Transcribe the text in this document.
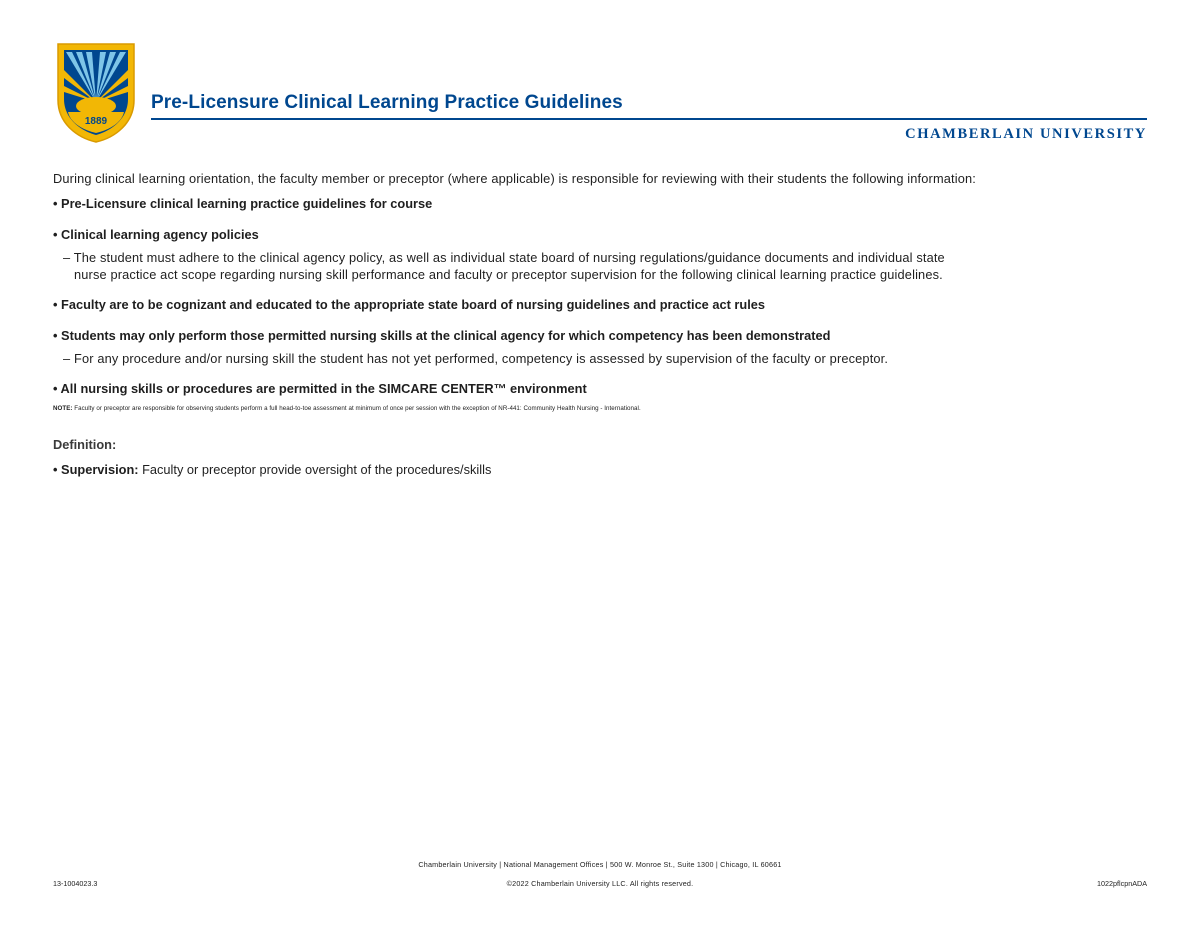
1889
Pre-Licensure Clinical Learning Practice Guidelines
CHAMBERLAIN UNIVERSITY

During clinical learning orientation, the faculty member or preceptor (where applicable) is responsible for reviewing with their students the following information:

• Pre-Licensure clinical learning practice guidelines for course

• Clinical learning agency policies

– The student must adhere to the clinical agency policy, as well as individual state board of nursing regulations/guidance documents and individual state
nurse practice act scope regarding nursing skill performance and faculty or preceptor supervision for the following clinical learning practice guidelines.

• Faculty are to be cognizant and educated to the appropriate state board of nursing guidelines and practice act rules

• Students may only perform those permitted nursing skills at the clinical agency for which competency has been demonstrated

– For any procedure and/or nursing skill the student has not yet performed, competency is assessed by supervision of the faculty or preceptor.

• All nursing skills or procedures are permitted in the SIMCARE CENTER™ environment

NOTE: Faculty or preceptor are responsible for observing students perform a full head-to-toe assessment at minimum of once per session with the exception of NR-441: Community Health Nursing - International.

Definition:

• Supervision: Faculty or preceptor provide oversight of the procedures/skills

Chamberlain University | National Management Offices | 500 W. Monroe St., Suite 1300 | Chicago, IL 60661
13-1004023.3	©2022 Chamberlain University LLC. All rights reserved.	1022pflcpnADA
